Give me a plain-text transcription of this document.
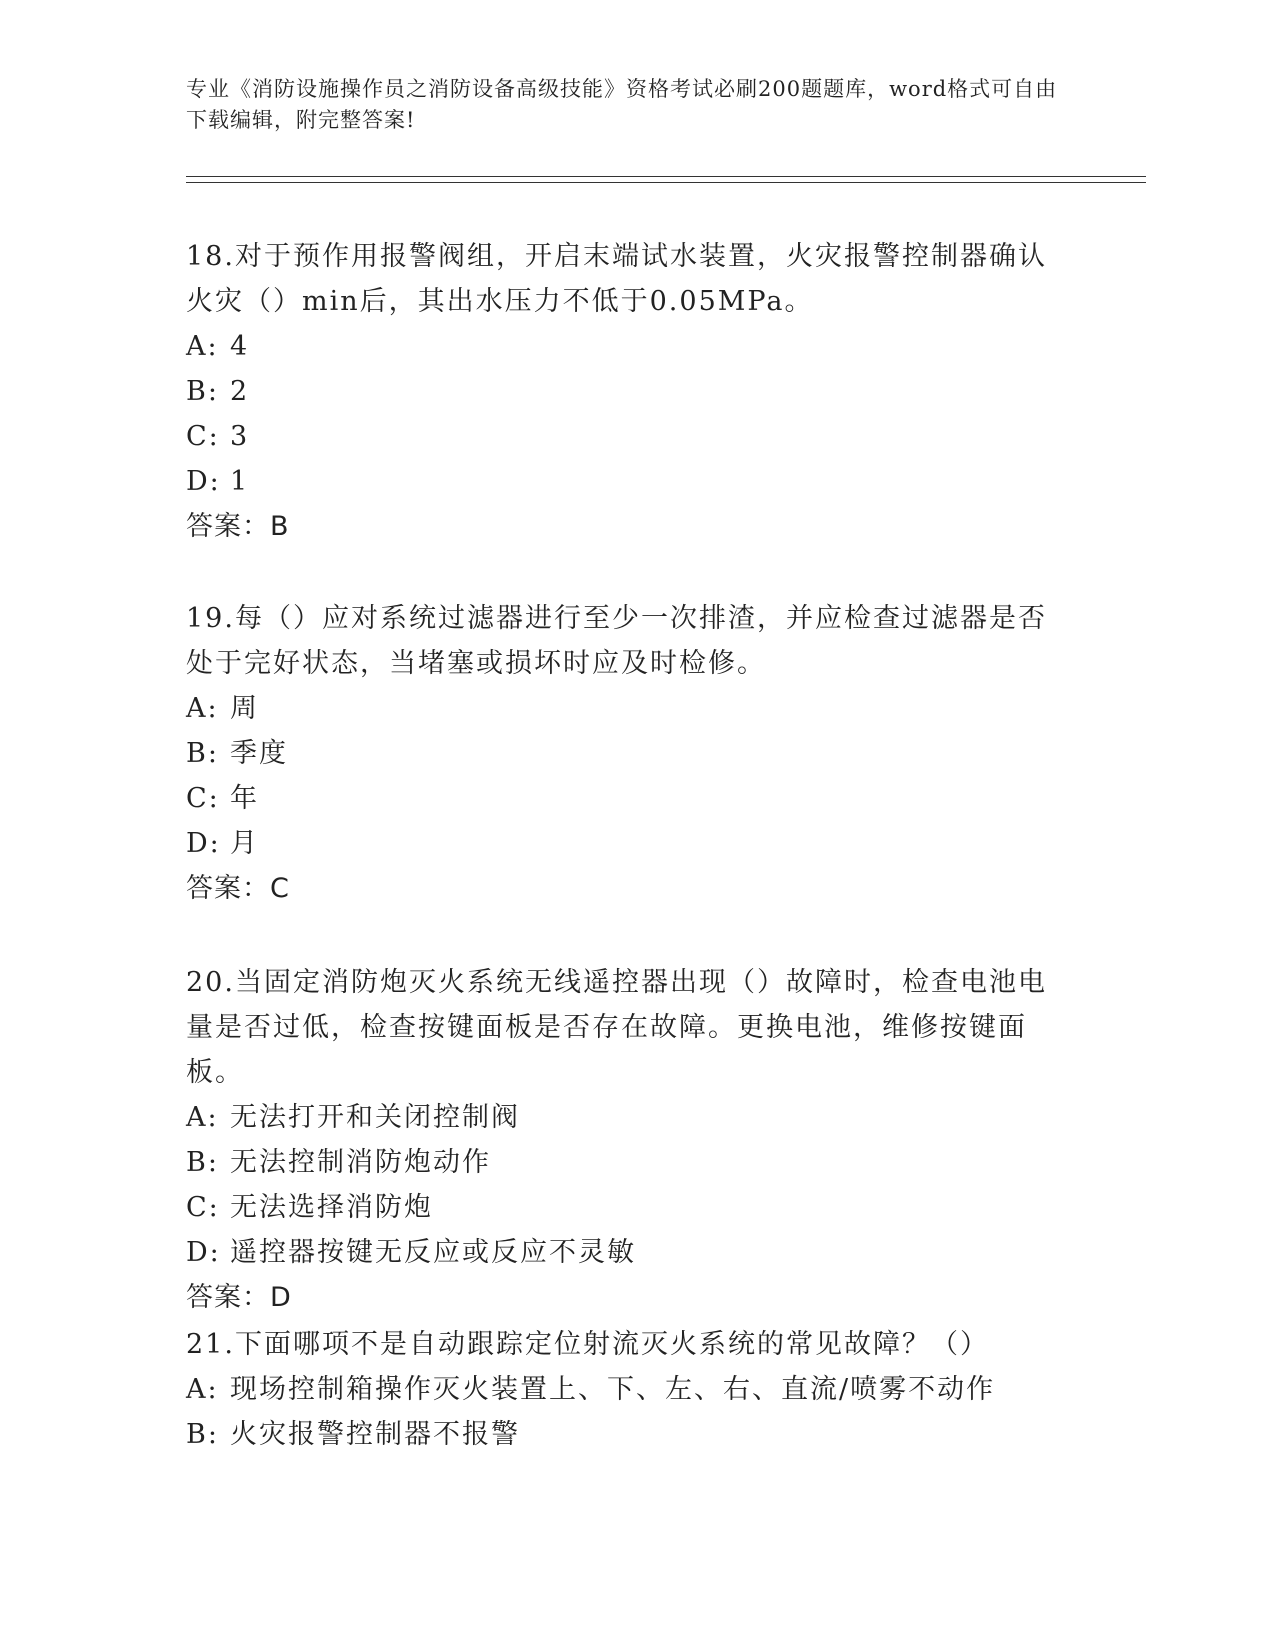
专业《消防设施操作员之消防设备高级技能》资格考试必刷200题题库，word格式可自由下载编辑，附完整答案!

18.对于预作用报警阀组，开启末端试水装置，火灾报警控制器确认火灾（）min后，其出水压力不低于0.05MPa。

A: 4

B: 2

C: 3

D: 1

答案：B

19.每（）应对系统过滤器进行至少一次排渣，并应检查过滤器是否处于完好状态，当堵塞或损坏时应及时检修。

A: 周

B: 季度

C: 年

D: 月

答案：C

20.当固定消防炮灭火系统无线遥控器出现（）故障时，检查电池电量是否过低，检查按键面板是否存在故障。更换电池，维修按键面板。

A: 无法打开和关闭控制阀

B: 无法控制消防炮动作

C: 无法选择消防炮

D: 遥控器按键无反应或反应不灵敏

答案：D

21.下面哪项不是自动跟踪定位射流灭火系统的常见故障？（）

A: 现场控制箱操作灭火装置上、下、左、右、直流/喷雾不动作

B: 火灾报警控制器不报警
